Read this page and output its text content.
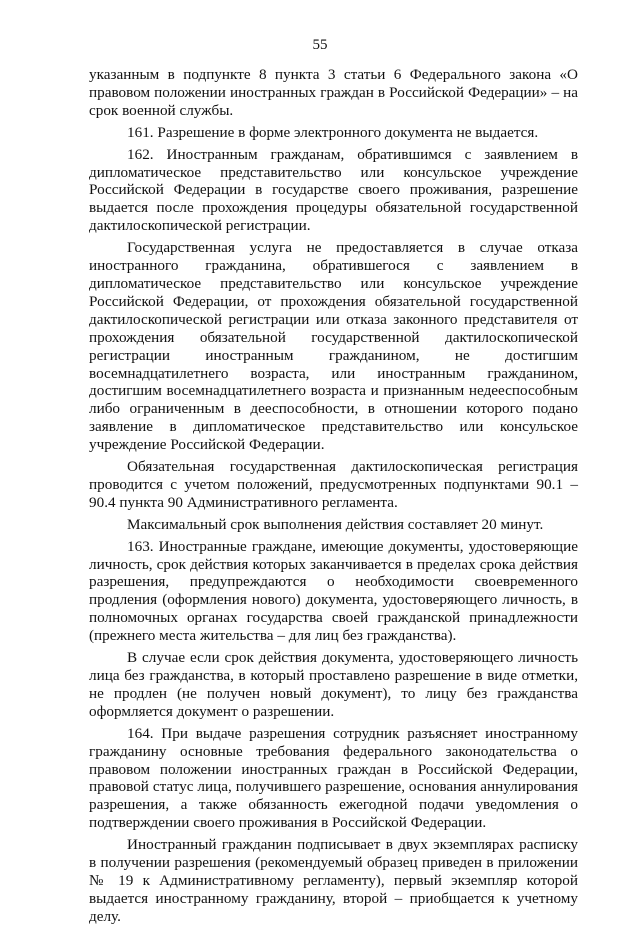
55

указанным в подпункте 8 пункта 3 статьи 6 Федерального закона «О правовом положении иностранных граждан в Российской Федерации» – на срок военной службы.

161. Разрешение в форме электронного документа не выдается.

162. Иностранным гражданам, обратившимся с заявлением в дипломатическое представительство или консульское учреждение Российской Федерации в государстве своего проживания, разрешение выдается после прохождения процедуры обязательной государственной дактилоскопической регистрации.

Государственная услуга не предоставляется в случае отказа иностранного гражданина, обратившегося с заявлением в дипломатическое представительство или консульское учреждение Российской Федерации, от прохождения обязательной государственной дактилоскопической регистрации или отказа законного представителя от прохождения обязательной государственной дактилоскопической регистрации иностранным гражданином, не достигшим восемнадцатилетнего возраста, или иностранным гражданином, достигшим восемнадцатилетнего возраста и признанным недееспособным либо ограниченным в дееспособности, в отношении которого подано заявление в дипломатическое представительство или консульское учреждение Российской Федерации.

Обязательная государственная дактилоскопическая регистрация проводится с учетом положений, предусмотренных подпунктами 90.1 – 90.4 пункта 90 Административного регламента.

Максимальный срок выполнения действия составляет 20 минут.

163. Иностранные граждане, имеющие документы, удостоверяющие личность, срок действия которых заканчивается в пределах срока действия разрешения, предупреждаются о необходимости своевременного продления (оформления нового) документа, удостоверяющего личность, в полномочных органах государства своей гражданской принадлежности (прежнего места жительства – для лиц без гражданства).

В случае если срок действия документа, удостоверяющего личность лица без гражданства, в который проставлено разрешение в виде отметки, не продлен (не получен новый документ), то лицу без гражданства оформляется документ о разрешении.

164. При выдаче разрешения сотрудник разъясняет иностранному гражданину основные требования федерального законодательства о правовом положении иностранных граждан в Российской Федерации, правовой статус лица, получившего разрешение, основания аннулирования разрешения, а также обязанность ежегодной подачи уведомления о подтверждении своего проживания в Российской Федерации.

Иностранный гражданин подписывает в двух экземплярах расписку в получении разрешения (рекомендуемый образец приведен в приложении № 19 к Административному регламенту), первый экземпляр которой выдается иностранному гражданину, второй – приобщается к учетному делу.
